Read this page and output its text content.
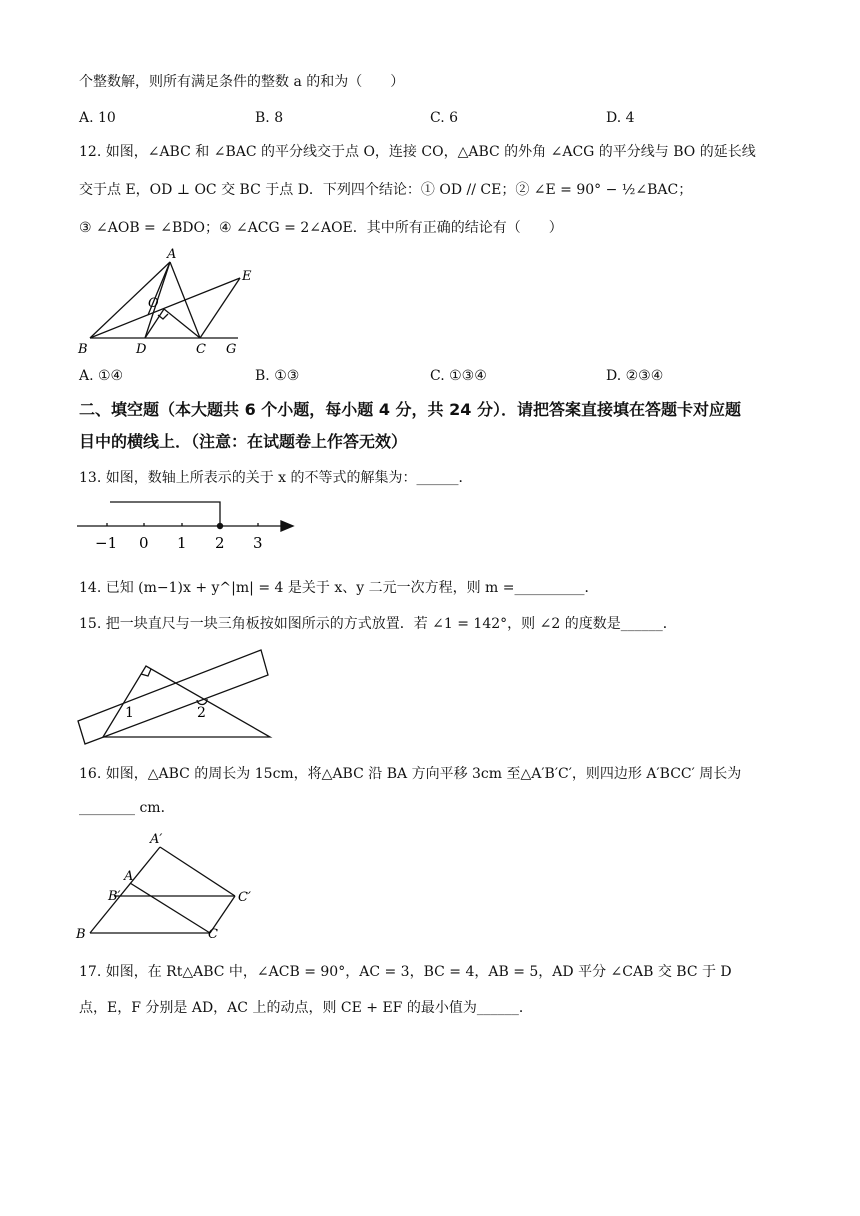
个整数解，则所有满足条件的整数 a 的和为（　　）
A. 10	B. 8	C. 6	D. 4
12. 如图，∠ABC 和 ∠BAC 的平分线交于点 O，连接 CO，△ABC 的外角 ∠ACG 的平分线与 BO 的延长线
交于点 E，OD ⊥ OC 交 BC 于点 D．下列四个结论：① OD // CE；② ∠E = 90° − ½∠BAC；
③ ∠AOB = ∠BDO；④ ∠ACG = 2∠AOE．其中所有正确的结论有（　　）
A
E
O
B	D	C G
A. ①④	B. ①③	C. ①③④	D. ②③④
二、填空题（本大题共 6 个小题，每小题 4 分，共 24 分）．请把答案直接填在答题卡对应题
目中的横线上．（注意：在试题卷上作答无效）
13. 如图，数轴上所表示的关于 x 的不等式的解集为：______．
−1 0 1 2 3
14. 已知 (m−1)x + y^|m| = 4 是关于 x、y 二元一次方程，则 m =__________．
15. 把一块直尺与一块三角板按如图所示的方式放置．若 ∠1 = 142°，则 ∠2 的度数是______．
1	2
16. 如图，△ABC 的周长为 15cm，将△ABC 沿 BA 方向平移 3cm 至△A′B′C′，则四边形 A′BCC′ 周长为
________ cm．
A′
A
B′	C′
B	C
17. 如图，在 Rt△ABC 中，∠ACB = 90°，AC = 3，BC = 4，AB = 5，AD 平分 ∠CAB 交 BC 于 D
点，E，F 分别是 AD，AC 上的动点，则 CE + EF 的最小值为______．
